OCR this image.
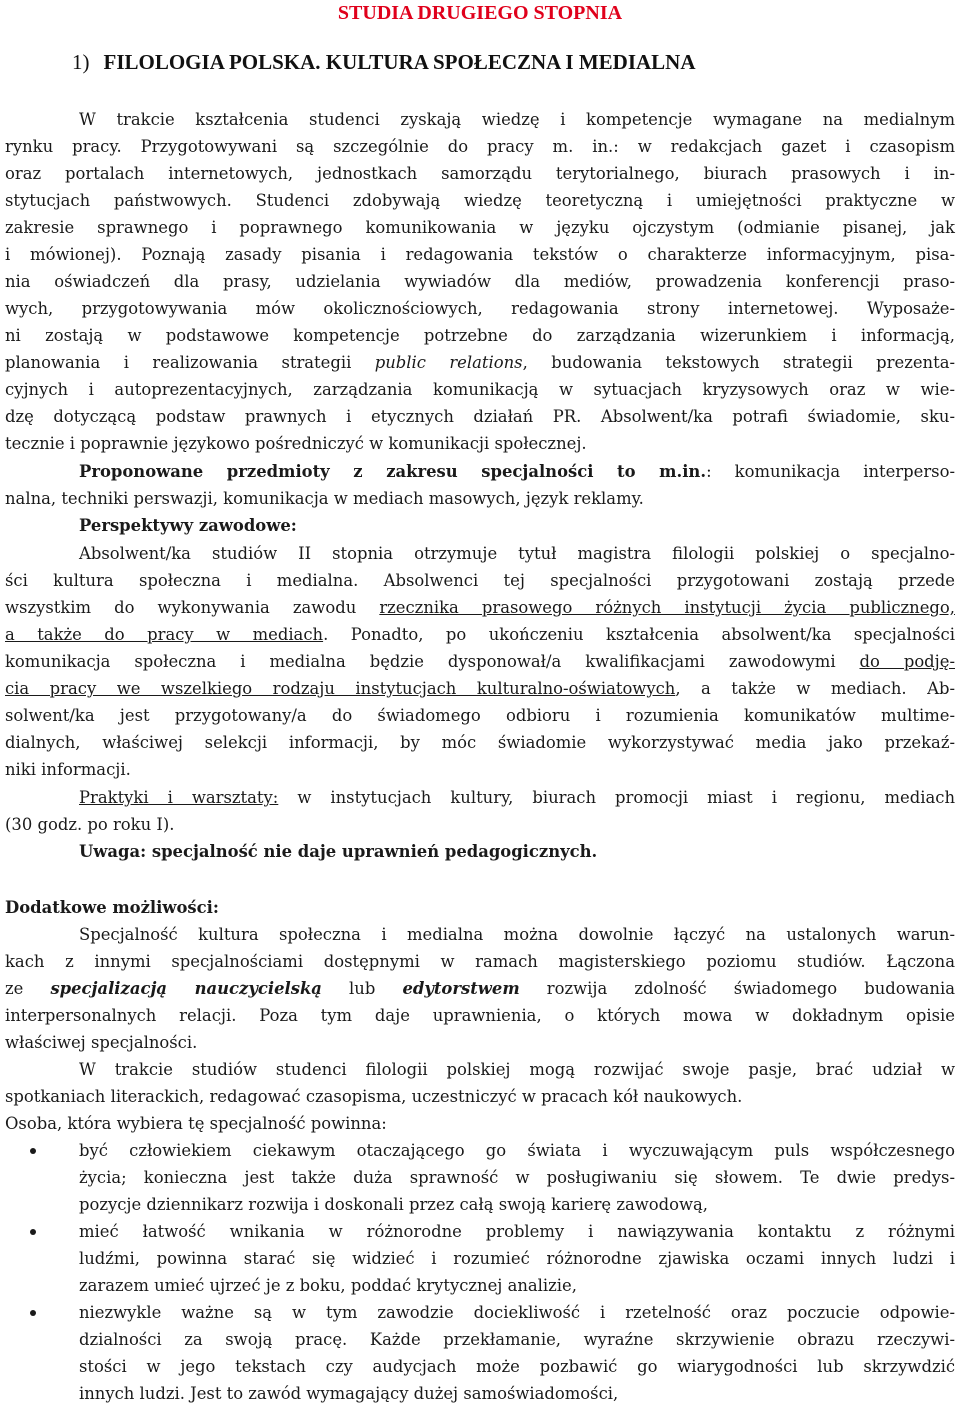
STUDIA DRUGIEGO STOPNIA
1) FILOLOGIA POLSKA. KULTURA SPOŁECZNA I MEDIALNA

W trakcie kształcenia studenci zyskają wiedzę i kompetencje wymagane na medialnym

rynku pracy. Przygotowywani są szczególnie do pracy m. in.: w redakcjach gazet i czasopism

oraz portalach internetowych, jednostkach samorządu terytorialnego, biurach prasowych i in-

stytucjach państwowych. Studenci zdobywają wiedzę teoretyczną i umiejętności praktyczne w

zakresie sprawnego i poprawnego komunikowania w języku ojczystym (odmianie pisanej, jak

i mówionej). Poznają zasady pisania i redagowania tekstów o charakterze informacyjnym, pisa-

nia oświadczeń dla prasy, udzielania wywiadów dla mediów, prowadzenia konferencji praso-

wych, przygotowywania mów okolicznościowych, redagowania strony internetowej. Wyposaże-

ni zostają w podstawowe kompetencje potrzebne do zarządzania wizerunkiem i informacją,

planowania i realizowania strategii public relations, budowania tekstowych strategii prezenta-

cyjnych i autoprezentacyjnych, zarządzania komunikacją w sytuacjach kryzysowych oraz w wie-

dzę dotyczącą podstaw prawnych i etycznych działań PR. Absolwent/ka potrafi świadomie, sku-

tecznie i poprawnie językowo pośredniczyć w komunikacji społecznej.

Proponowane przedmioty z zakresu specjalności to m.in.: komunikacja interperso-

nalna, techniki perswazji, komunikacja w mediach masowych, język reklamy.

Perspektywy zawodowe:

Absolwent/ka studiów II stopnia otrzymuje tytuł magistra filologii polskiej o specjalno-

ści kultura społeczna i medialna. Absolwenci tej specjalności przygotowani zostają przede

wszystkim do wykonywania zawodu rzecznika prasowego różnych instytucji życia publicznego,

a także do pracy w mediach. Ponadto, po ukończeniu kształcenia absolwent/ka specjalności

komunikacja społeczna i medialna będzie dysponował/a kwalifikacjami zawodowymi do podję-

cia pracy we wszelkiego rodzaju instytucjach kulturalno-oświatowych, a także w mediach. Ab-

solwent/ka jest przygotowany/a do świadomego odbioru i rozumienia komunikatów multime-

dialnych, właściwej selekcji informacji, by móc świadomie wykorzystywać media jako przekaź-

niki informacji.

Praktyki i warsztaty: w instytucjach kultury, biurach promocji miast i regionu, mediach

(30 godz. po roku I).

Uwaga: specjalność nie daje uprawnień pedagogicznych.

Dodatkowe możliwości:

Specjalność kultura społeczna i medialna można dowolnie łączyć na ustalonych warun-

kach z innymi specjalnościami dostępnymi w ramach magisterskiego poziomu studiów. Łączona

ze specjalizacją nauczycielską lub edytorstwem rozwija zdolność świadomego budowania

interpersonalnych relacji. Poza tym daje uprawnienia, o których mowa w dokładnym opisie

właściwej specjalności.

W trakcie studiów studenci filologii polskiej mogą rozwijać swoje pasje, brać udział w

spotkaniach literackich, redagować czasopisma, uczestniczyć w pracach kół naukowych.

Osoba, która wybiera tę specjalność powinna:

być człowiekiem ciekawym otaczającego go świata i wyczuwającym puls współczesnego

życia; konieczna jest także duża sprawność w posługiwaniu się słowem. Te dwie predys-

pozycje dziennikarz rozwija i doskonali przez całą swoją karierę zawodową,

mieć łatwość wnikania w różnorodne problemy i nawiązywania kontaktu z różnymi

ludźmi, powinna starać się widzieć i rozumieć różnorodne zjawiska oczami innych ludzi i

zarazem umieć ujrzeć je z boku, poddać krytycznej analizie,

niezwykle ważne są w tym zawodzie dociekliwość i rzetelność oraz poczucie odpowie-

dzialności za swoją pracę. Każde przekłamanie, wyraźne skrzywienie obrazu rzeczywi-

stości w jego tekstach czy audycjach może pozbawić go wiarygodności lub skrzywdzić

innych ludzi. Jest to zawód wymagający dużej samoświadomości,
